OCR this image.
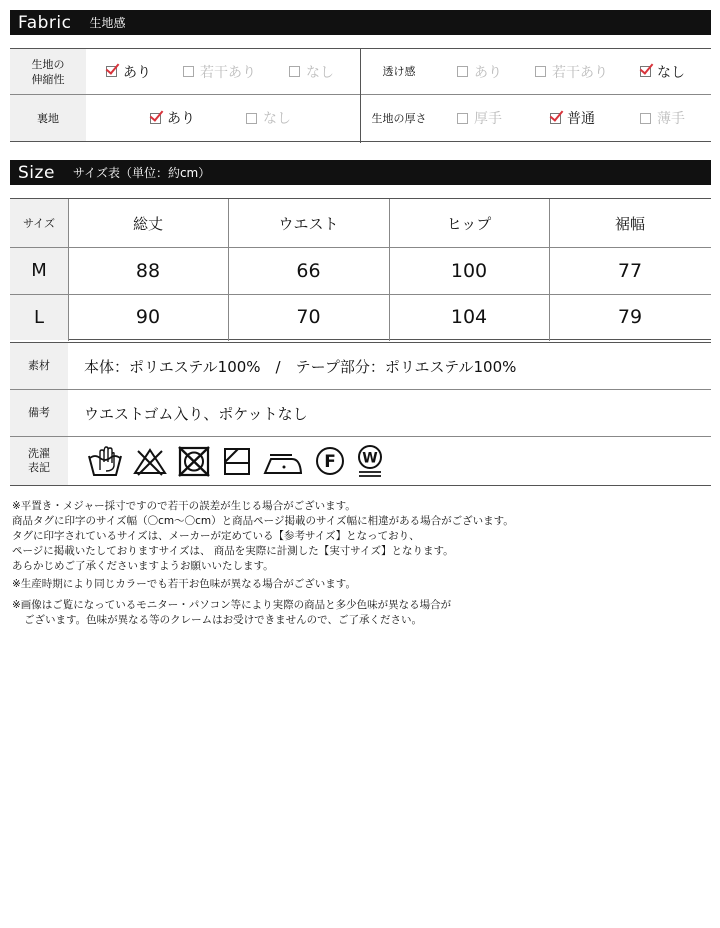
Fabric 生地感
生地の
伸縮性	あり	若干あり	なし	透け感	あり	若干あり	なし
裏地	あり	なし	生地の厚さ	厚手	普通	薄手
Size サイズ表（単位：約cm）
サイズ	総丈	ウエスト	ヒップ	裾幅
M	88	66	100	77
L	90	70	104	79
素材	本体：ポリエステル100%　/　テープ部分：ポリエステル100%
備考	ウエストゴム入り、ポケットなし
洗濯
表記	F W

※平置き・メジャー採寸ですので若干の誤差が生じる場合がございます。

商品タグに印字のサイズ幅（〇cm〜〇cm）と商品ページ掲載のサイズ幅に相違がある場合がございます。

タグに印字されているサイズは、メーカーが定めている【参考サイズ】となっており、

ページに掲載いたしておりますサイズは、 商品を実際に計測した【実寸サイズ】となります。

あらかじめご了承くださいますようお願いいたします。

※生産時期により同じカラーでも若干お色味が異なる場合がございます。

※画像はご覧になっているモニター・パソコン等により実際の商品と多少色味が異なる場合が

ございます。色味が異なる等のクレームはお受けできませんので、ご了承ください。
